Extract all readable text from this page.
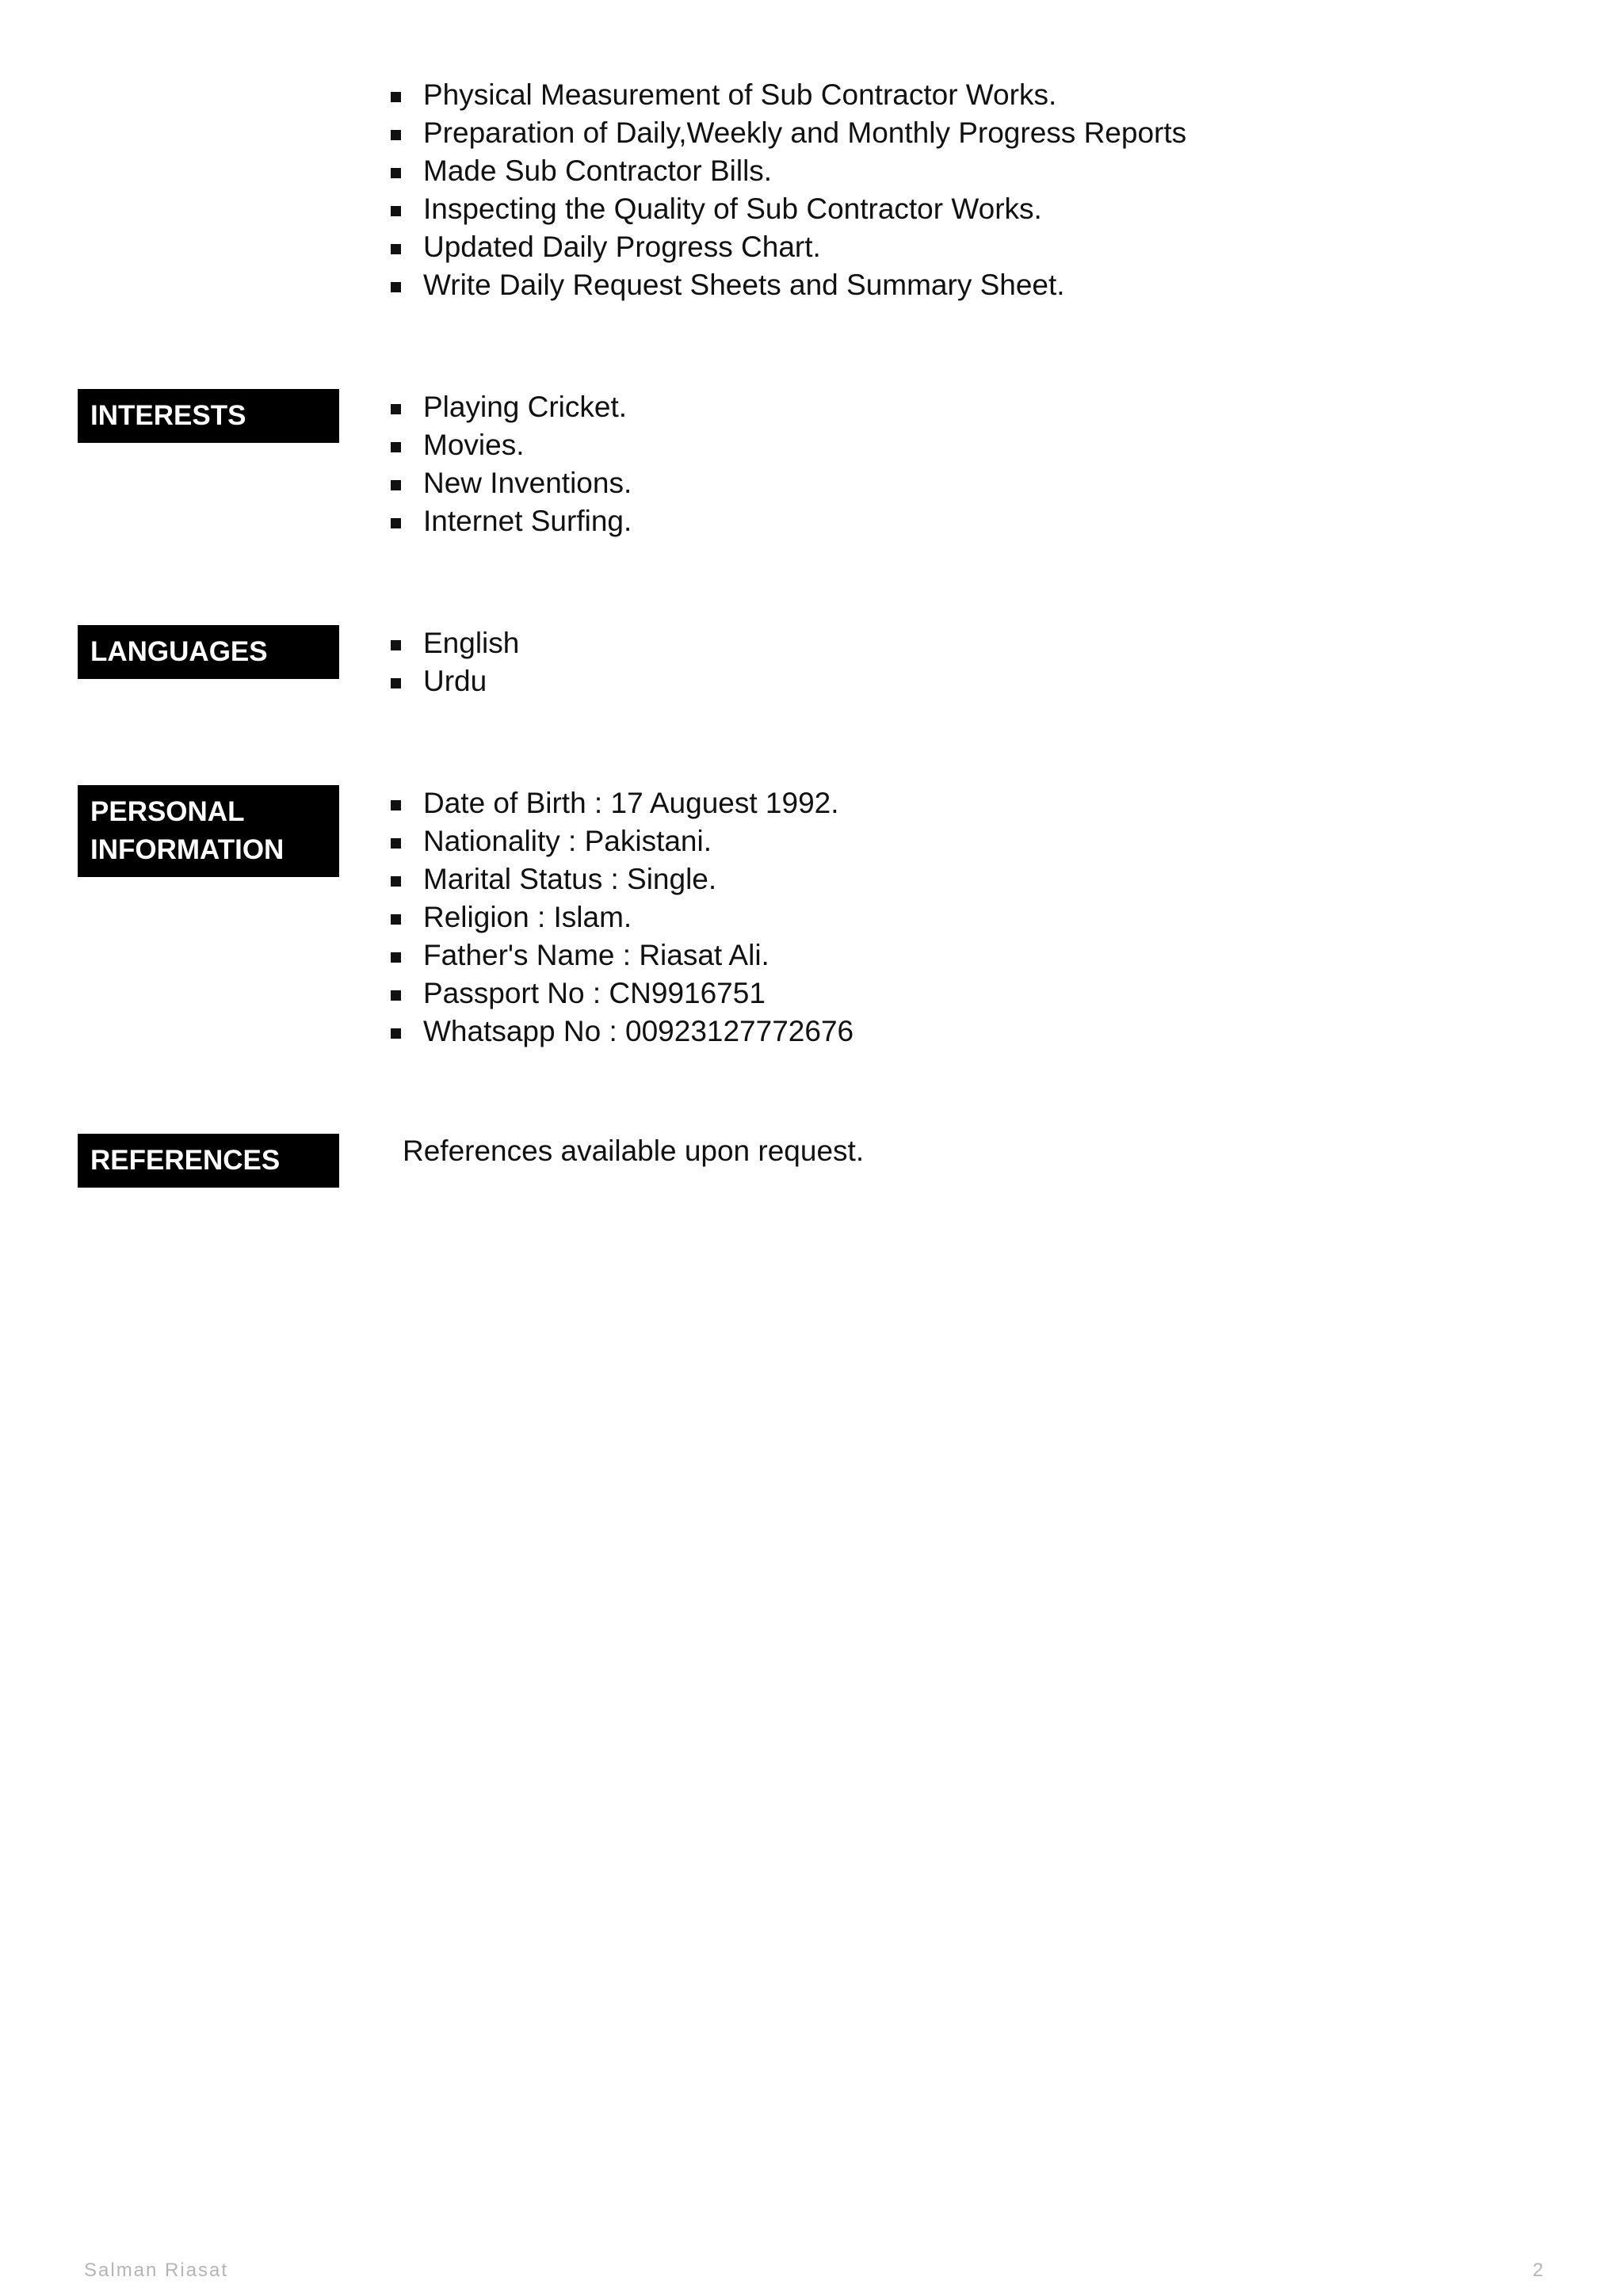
Physical Measurement of Sub Contractor Works.
Preparation of Daily,Weekly and Monthly Progress Reports
Made Sub Contractor Bills.
Inspecting the Quality of Sub Contractor Works.
Updated Daily Progress Chart.
Write Daily Request Sheets and Summary Sheet.
INTERESTS	Playing Cricket.
Movies.
New Inventions.
Internet Surfing.
LANGUAGES	English
Urdu
PERSONAL
INFORMATION
Date of Birth : 17 Auguest 1992.
Nationality : Pakistani.
Marital Status : Single.
Religion : Islam.
Father's Name : Riasat Ali.
Passport No : CN9916751
Whatsapp No : 00923127772676
REFERENCES	References available upon request.

Salman Riasat	2
